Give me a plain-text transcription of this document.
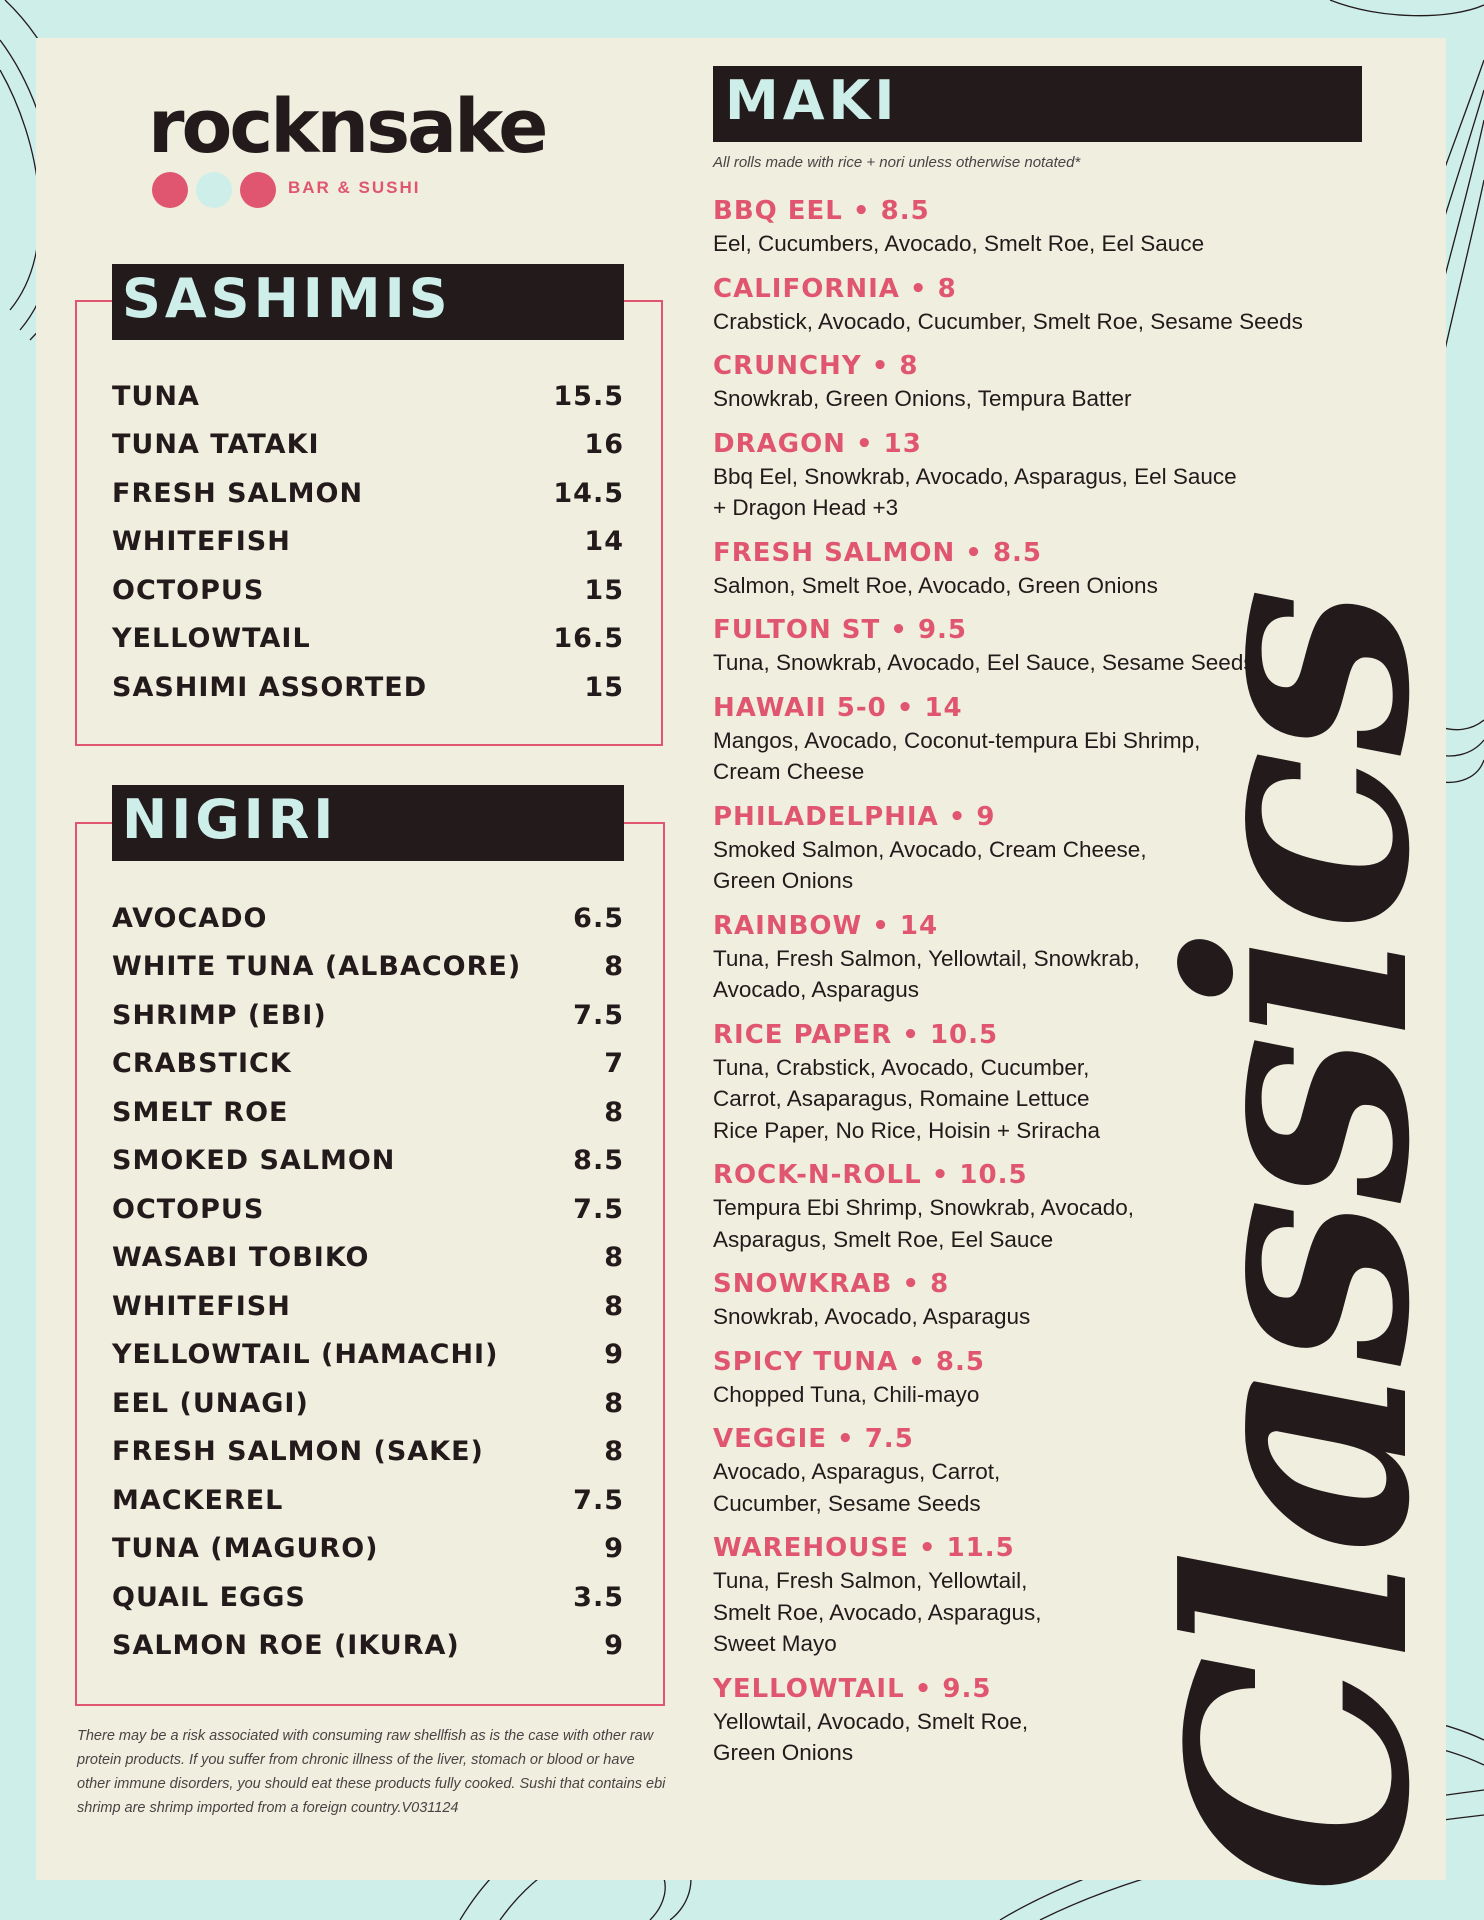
rocknsake
BAR & SUSHI
SASHIMIS
TUNA	15.5
TUNA TATAKI	16
FRESH SALMON	14.5
WHITEFISH	14
OCTOPUS	15
YELLOWTAIL	16.5
SASHIMI ASSORTED	15
NIGIRI
AVOCADO	6.5
WHITE TUNA (ALBACORE)	8
SHRIMP (EBI)	7.5
CRABSTICK	7
SMELT ROE	8
SMOKED SALMON	8.5
OCTOPUS	7.5
WASABI TOBIKO	8
WHITEFISH	8
YELLOWTAIL (HAMACHI)	9
EEL (UNAGI)	8
FRESH SALMON (SAKE)	8
MACKEREL	7.5
TUNA (MAGURO)	9
QUAIL EGGS	3.5
SALMON ROE (IKURA)	9

There may be a risk associated with consuming raw shellfish as is the case with other raw protein products. If you suffer from chronic illness of the liver, stomach or blood or have other immune disorders, you should eat these products fully cooked. Sushi that contains ebi shrimp are shrimp imported from a foreign country.V031124

MAKI
All rolls made with rice + nori unless otherwise notated*
BBQ EEL • 8.5
Eel, Cucumbers, Avocado, Smelt Roe, Eel Sauce
CALIFORNIA • 8
Crabstick, Avocado, Cucumber, Smelt Roe, Sesame Seeds
CRUNCHY • 8
Snowkrab, Green Onions, Tempura Batter
DRAGON • 13
Bbq Eel, Snowkrab, Avocado, Asparagus, Eel Sauce
+ Dragon Head +3
FRESH SALMON • 8.5
Salmon, Smelt Roe, Avocado, Green Onions
FULTON ST • 9.5
Tuna, Snowkrab, Avocado, Eel Sauce, Sesame Seeds
HAWAII 5-0 • 14
Mangos, Avocado, Coconut-tempura Ebi Shrimp,
Cream Cheese
PHILADELPHIA • 9
Smoked Salmon, Avocado, Cream Cheese,
Green Onions
RAINBOW • 14
Tuna, Fresh Salmon, Yellowtail, Snowkrab,
Avocado, Asparagus
RICE PAPER • 10.5
Tuna, Crabstick, Avocado, Cucumber,
Carrot, Asaparagus, Romaine Lettuce
Rice Paper, No Rice, Hoisin + Sriracha
ROCK-N-ROLL • 10.5
Tempura Ebi Shrimp, Snowkrab, Avocado,
Asparagus, Smelt Roe, Eel Sauce
SNOWKRAB • 8
Snowkrab, Avocado, Asparagus
SPICY TUNA • 8.5
Chopped Tuna, Chili-mayo
VEGGIE • 7.5
Avocado, Asparagus, Carrot,
Cucumber, Sesame Seeds
WAREHOUSE • 11.5
Tuna, Fresh Salmon, Yellowtail,
Smelt Roe, Avocado, Asparagus,
Sweet Mayo
YELLOWTAIL • 9.5
Yellowtail, Avocado, Smelt Roe,
Green Onions Classics
